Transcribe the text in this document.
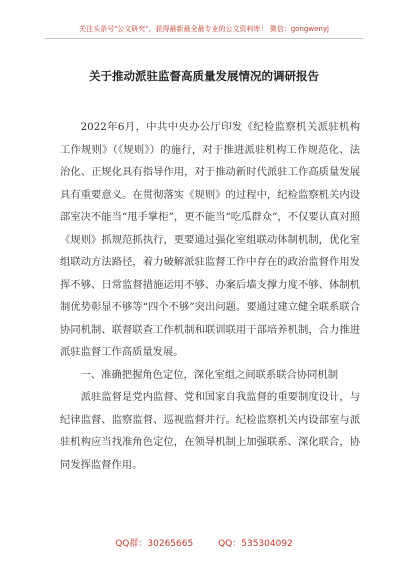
关注头条号"公文研究"，获得最新最全最专业的公文资料库！ 微信：gongwenyj
关于推动派驻监督高质量发展情况的调研报告

2022年6月，中共中央办公厅印发《纪检监察机关派驻机构工作规则》（《规则》）的施行，对于推进派驻机构工作规范化、法治化、正规化具有指导作用，对于推动新时代派驻工作高质量发展具有重要意义。在贯彻落实《规则》的过程中，纪检监察机关内设部室决不能当“甩手掌柜”，更不能当“吃瓜群众”，不仅要认真对照《规则》抓规范抓执行，更要通过强化室组联动体制机制，优化室组联动方法路径，着力破解派驻监督工作中存在的政治监督作用发挥不够、日常监督措施运用不够、办案后墙支撑力度不够、体制机制优势彰显不够等“四个不够”突出问题。要通过建立健全联系联合协同机制、联督联查工作机制和联训联用干部培养机制，合力推进派驻监督工作高质量发展。

一、准确把握角色定位，深化室组之间联系联合协同机制

派驻监督是党内监督、党和国家自我监督的重要制度设计，与纪律监督、监察监督、巡视监督并行。纪检监察机关内设部室与派驻机构应当找准角色定位，在领导机制上加强联系、深化联合，协同发挥监督作用。

QQ群：30265665	QQ：535304092
